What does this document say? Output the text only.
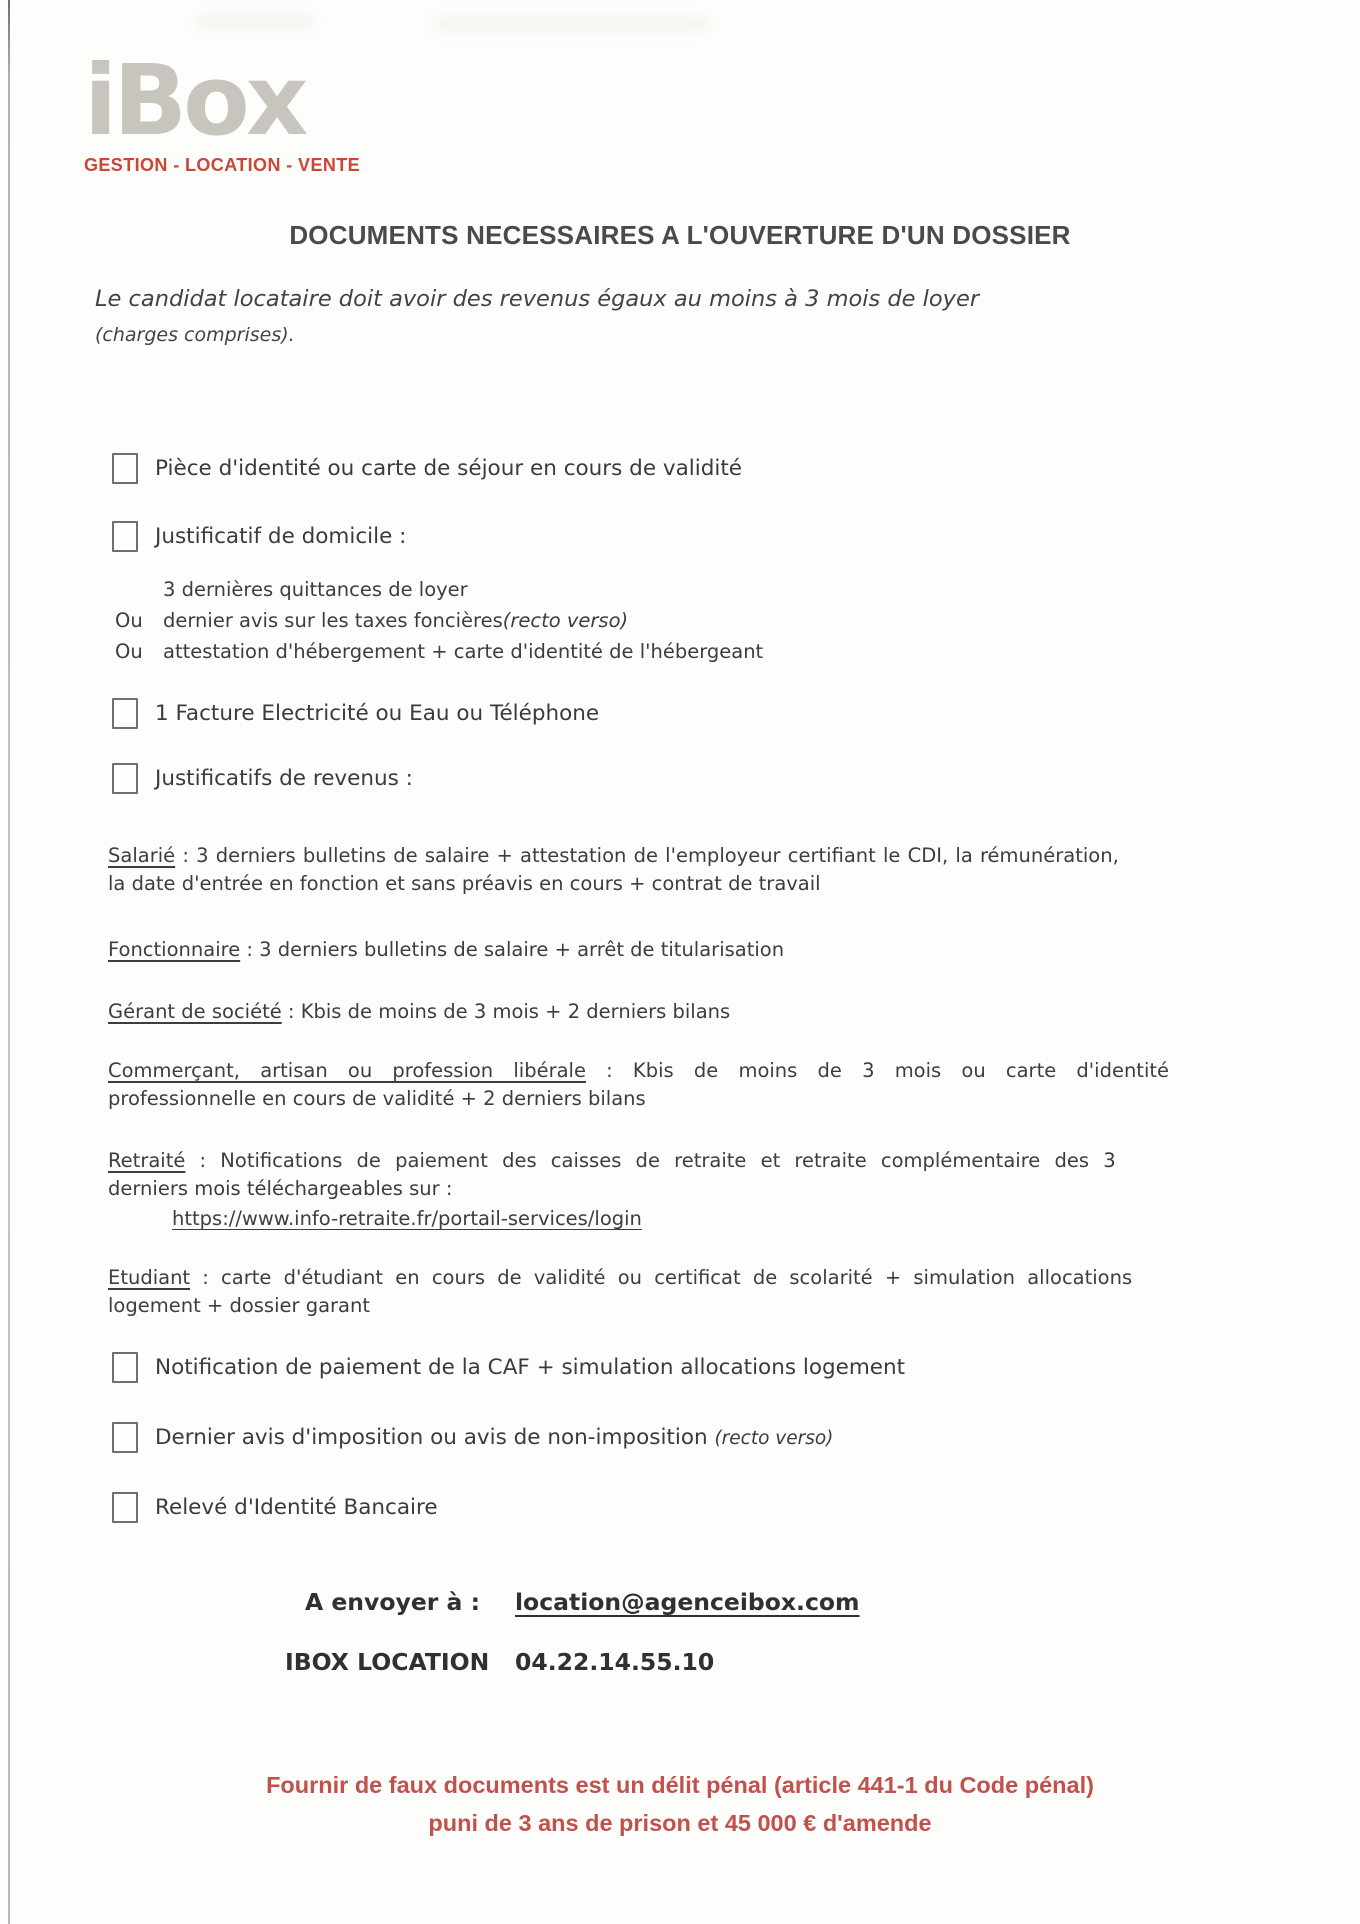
iBox
GESTION - LOCATION - VENTE
DOCUMENTS NECESSAIRES A L'OUVERTURE D'UN DOSSIER
Le candidat locataire doit avoir des revenus égaux au moins à 3 mois de loyer
(charges comprises).
Pièce d'identité ou carte de séjour en cours de validité
Justificatif de domicile :
3 dernières quittances de loyer
Ou	dernier avis sur les taxes foncières (recto verso)
Ou	attestation d'hébergement + carte d'identité de l'hébergeant
1 Facture Electricité ou Eau ou Téléphone
Justificatifs de revenus :
Salarié : 3 derniers bulletins de salaire + attestation de l'employeur certifiant le CDI, la rémunération,
la date d'entrée en fonction et sans préavis en cours + contrat de travail
Fonctionnaire : 3 derniers bulletins de salaire + arrêt de titularisation
Gérant de société : Kbis de moins de 3 mois + 2 derniers bilans
Commerçant, artisan ou profession libérale : Kbis de moins de 3 mois ou carte d'identité
professionnelle en cours de validité + 2 derniers bilans
Retraité : Notifications de paiement des caisses de retraite et retraite complémentaire des 3
derniers mois téléchargeables sur :
https://www.info-retraite.fr/portail-services/login
Etudiant : carte d'étudiant en cours de validité ou certificat de scolarité + simulation allocations
logement + dossier garant
Notification de paiement de la CAF + simulation allocations logement
Dernier avis d'imposition ou avis de non-imposition (recto verso)
Relevé d'Identité Bancaire
A envoyer à : location@agenceibox.com
IBOX LOCATION 04.22.14.55.10
Fournir de faux documents est un délit pénal (article 441-1 du Code pénal)
puni de 3 ans de prison et 45 000 € d'amende
